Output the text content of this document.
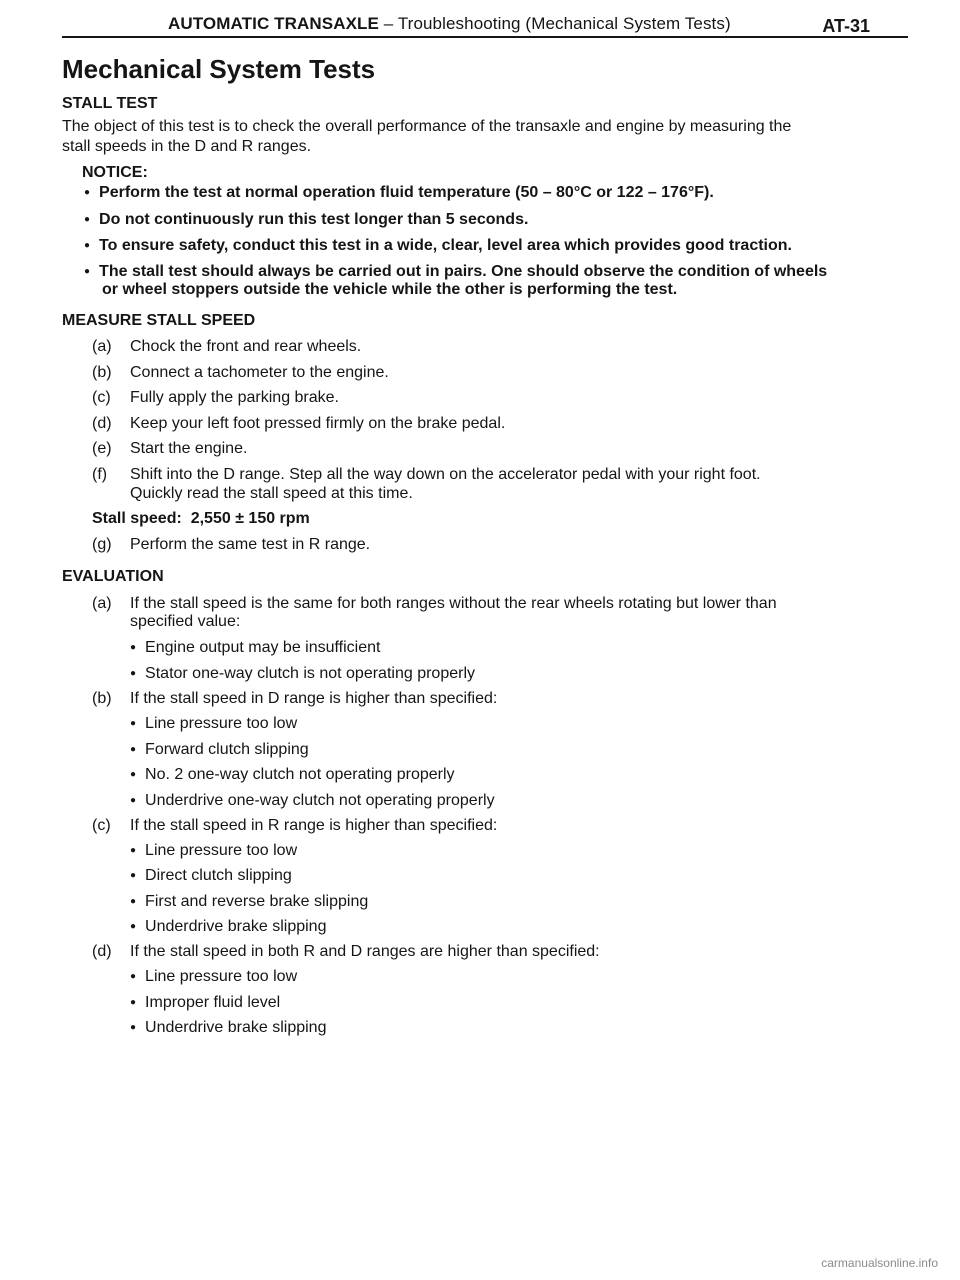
AUTOMATIC TRANSAXLE – Troubleshooting (Mechanical System Tests)	AT-31
Mechanical System Tests
STALL TEST
The object of this test is to check the overall performance of the transaxle and engine by measuring the
stall speeds in the D and R ranges.
NOTICE:
● Perform the test at normal operation fluid temperature (50 – 80°C or 122 – 176°F).
● Do not continuously run this test longer than 5 seconds.
● To ensure safety, conduct this test in a wide, clear, level area which provides good traction.
● The stall test should always be carried out in pairs. One should observe the condition of wheels
or wheel stoppers outside the vehicle while the other is performing the test.
MEASURE STALL SPEED
(a) Chock the front and rear wheels.
(b) Connect a tachometer to the engine.
(c) Fully apply the parking brake.
(d) Keep your left foot pressed firmly on the brake pedal.
(e) Start the engine.
(f) Shift into the D range. Step all the way down on the accelerator pedal with your right foot.
Quickly read the stall speed at this time.
Stall speed: 2,550 ± 150 rpm
(g) Perform the same test in R range.
EVALUATION
(a) If the stall speed is the same for both ranges without the rear wheels rotating but lower than
specified value:
● Engine output may be insufficient
● Stator one-way clutch is not operating properly
(b) If the stall speed in D range is higher than specified:
● Line pressure too low
● Forward clutch slipping
● No. 2 one-way clutch not operating properly
● Underdrive one-way clutch not operating properly
(c) If the stall speed in R range is higher than specified:
● Line pressure too low
● Direct clutch slipping
● First and reverse brake slipping
● Underdrive brake slipping
(d) If the stall speed in both R and D ranges are higher than specified:
● Line pressure too low
● Improper fluid level
● Underdrive brake slipping
carmanualsonline.info
